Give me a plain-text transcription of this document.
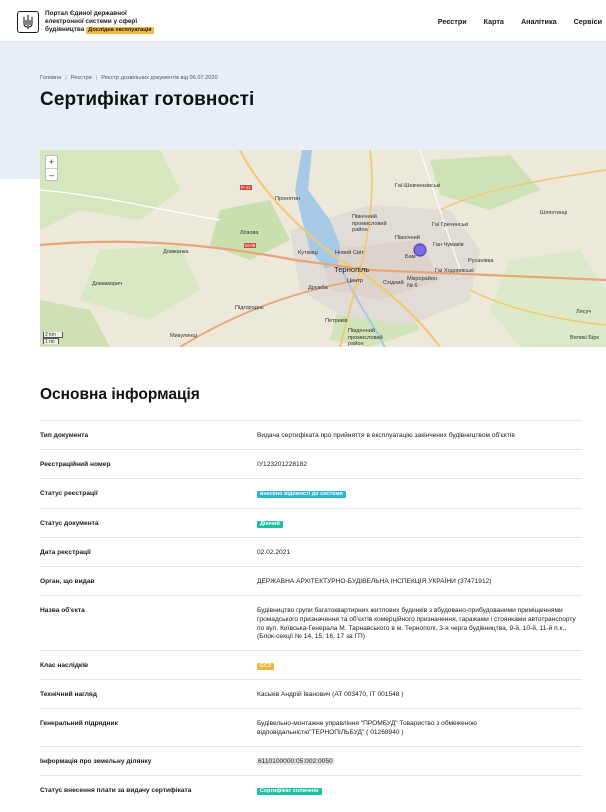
Портал Єдиної державної
електронної системи у сфері
будівництва Дослідна експлуатація
Реєстри Карта Аналітика Сервіси
Головна | Реєстри | Реєстр дозвільних документів від 06.07.2020
Сертифікат готовності
+
–
2 km
1 mi
P-41
M-09
Пронятин
Північний промисловий район
Лозова
Довжанка
Домаморич
Кутківці	Новий Світ
Тернопіль
Дружба
Центр	Східний
Північний
Бам
Підгороднє
Петриків
Південний промисловий район
Микулинці
Ган Чумаків
Гаї Гречинські
Гаї-Шевченківські
Русанівка
Гаї Ходорівські
Мікрорайон № 6
Лясуч
Великі Бірк
Шляхтинці
Основна інформація
Тип документа	Видача сертифіката про прийняття в експлуатацію закінчених будівництвом об'єктів
Реєстраційний номер	ІУ123201228182
Статус реєстрації	внесено відомості до системи
Статус документа	Діючий
Дата реєстрації	02.02.2021
Орган, що видав	ДЕРЖАВНА АРХІТЕКТУРНО-БУДІВЕЛЬНА ІНСПЕКЦІЯ УКРАЇНИ (37471912)
Назва об'єкта	Будівництво групи багатоквартирних житлових будинків з вбудовано-прибудованими приміщеннями громадського призначення та об'єктів комерційного призначення, гаражами і стоянками автотранспорту по вул. Київська-Генерала М. Тарнавського в м. Тернополі, 3-я черга будівництва, 9-й, 10-й, 11-й п.к., (Блок-секції № 14, 15, 16, 17 за ГП)
Клас наслідків	СС3
Технічний нагляд	Каськів Андрій Іванович (АТ 003470, ІТ 001548 )
Генеральний підрядник	Будівельно-монтажне управління "ПРОМБУД" Товариство з обмеженою відповідальністю"ТЕРНОПІЛЬБУД" ( 01268940 )
Інформація про земельну ділянку	6110100000:05:002:0050
Статус внесення плати за видачу сертифіката	Сертифікат сплачено
